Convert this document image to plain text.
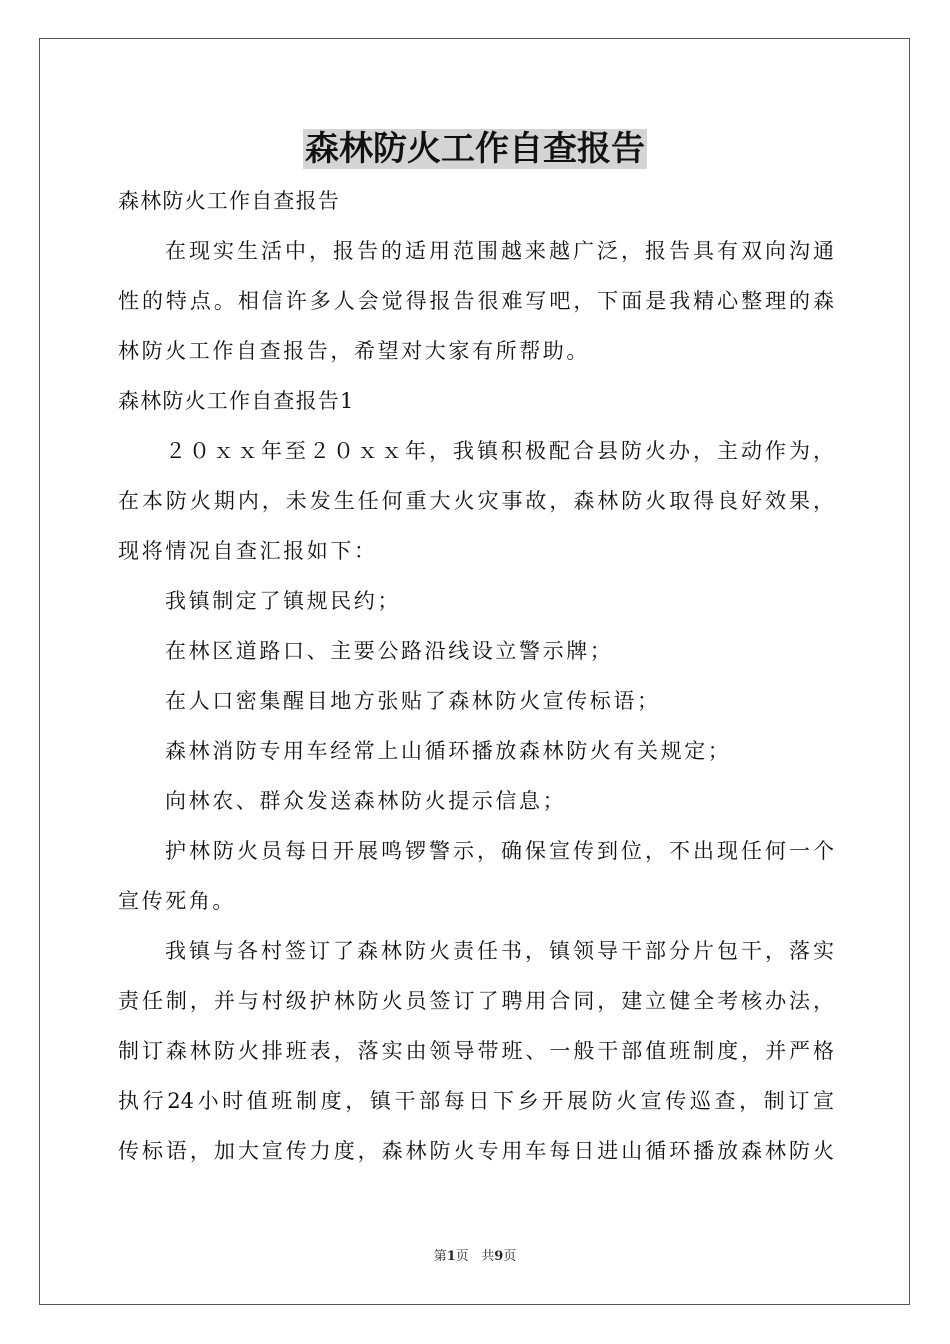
森林防火工作自查报告
森林防火工作自查报告
在现实生活中，报告的适用范围越来越广泛，报告具有双向沟通
性的特点。相信许多人会觉得报告很难写吧，下面是我精心整理的森
林防火工作自查报告，希望对大家有所帮助。
森林防火工作自查报告1
２０ｘｘ年至２０ｘｘ年，我镇积极配合县防火办，主动作为，
在本防火期内，未发生任何重大火灾事故，森林防火取得良好效果，
现将情况自查汇报如下：
我镇制定了镇规民约；
在林区道路口、主要公路沿线设立警示牌；
在人口密集醒目地方张贴了森林防火宣传标语；
森林消防专用车经常上山循环播放森林防火有关规定；
向林农、群众发送森林防火提示信息；
护林防火员每日开展鸣锣警示，确保宣传到位，不出现任何一个
宣传死角。
我镇与各村签订了森林防火责任书，镇领导干部分片包干，落实
责任制，并与村级护林防火员签订了聘用合同，建立健全考核办法，
制订森林防火排班表，落实由领导带班、一般干部值班制度，并严格
执行24小时值班制度，镇干部每日下乡开展防火宣传巡查，制订宣
传标语，加大宣传力度，森林防火专用车每日进山循环播放森林防火
第1页 共9页
